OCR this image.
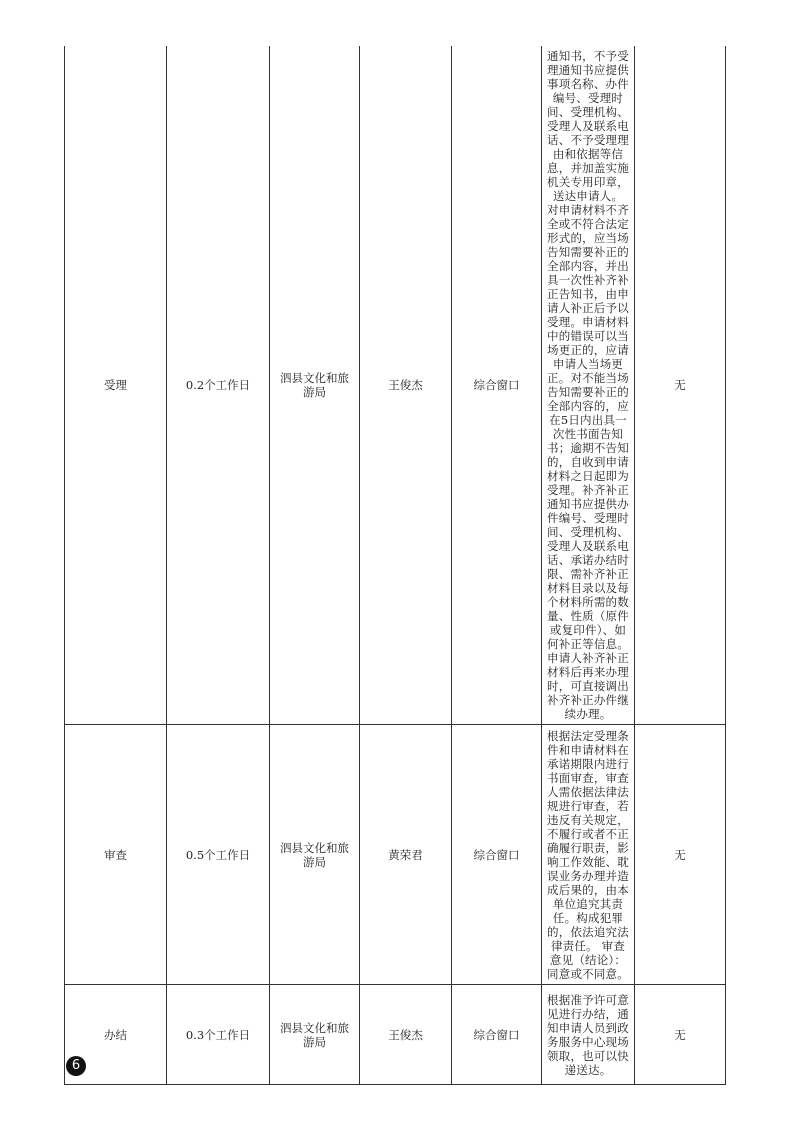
受理	0.2个工作日	泗县文化和旅游局	王俊杰	综合窗口	通知书，不予受理通知书应提供事项名称、办件编号、受理时间、受理机构、受理人及联系电话、不予受理理由和依据等信息，并加盖实施机关专用印章，送达申请人。 对申请材料不齐全或不符合法定形式的，应当场告知需要补正的全部内容，并出具一次性补齐补正告知书，由申请人补正后予以受理。申请材料中的错误可以当场更正的，应请申请人当场更正。对不能当场告知需要补正的全部内容的，应在5日内出具一次性书面告知书；逾期不告知的，自收到申请材料之日起即为受理。补齐补正通知书应提供办件编号、受理时间、受理机构、受理人及联系电话、承诺办结时限、需补齐补正材料目录以及每个材料所需的数量、性质（原件或复印件）、如何补正等信息。申请人补齐补正材料后再来办理时，可直接调出补齐补正办件继续办理。	无
审查	0.5个工作日	泗县文化和旅游局	黄荣君	综合窗口	根据法定受理条件和申请材料在承诺期限内进行书面审查，审查人需依据法律法规进行审查，若违反有关规定，不履行或者不正确履行职责，影响工作效能、耽误业务办理并造成后果的，由本单位追究其责任。构成犯罪的，依法追究法律责任。 审查意见（结论）：同意或不同意。	无
办结	0.3个工作日	泗县文化和旅游局	王俊杰	综合窗口	根据准予许可意见进行办结，通知申请人员到政务服务中心现场领取，也可以快递送达。	无
6
